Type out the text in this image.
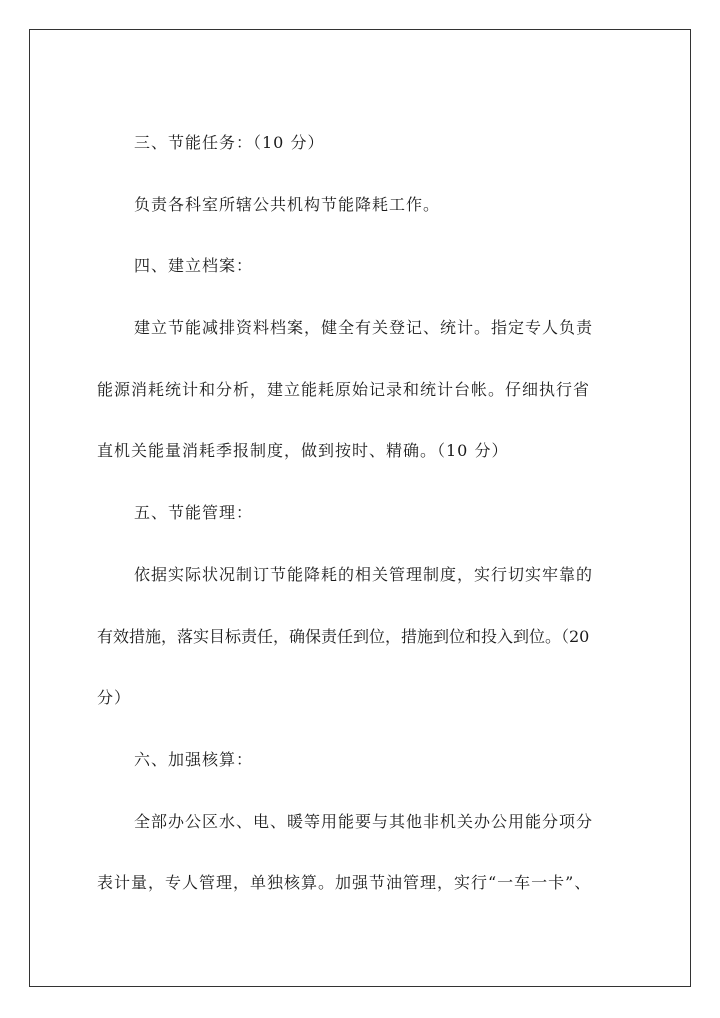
三、节能任务：（10 分）
负责各科室所辖公共机构节能降耗工作。
四、建立档案：
建立节能减排资料档案，健全有关登记、统计。指定专人负责
能源消耗统计和分析，建立能耗原始记录和统计台帐。仔细执行省
直机关能量消耗季报制度，做到按时、精确。（10 分）
五、节能管理：
依据实际状况制订节能降耗的相关管理制度，实行切实牢靠的
有效措施，落实目标责任，确保责任到位，措施到位和投入到位。（20
分）
六、加强核算：
全部办公区水、电、暖等用能要与其他非机关办公用能分项分
表计量，专人管理，单独核算。加强节油管理，实行“一车一卡”、
